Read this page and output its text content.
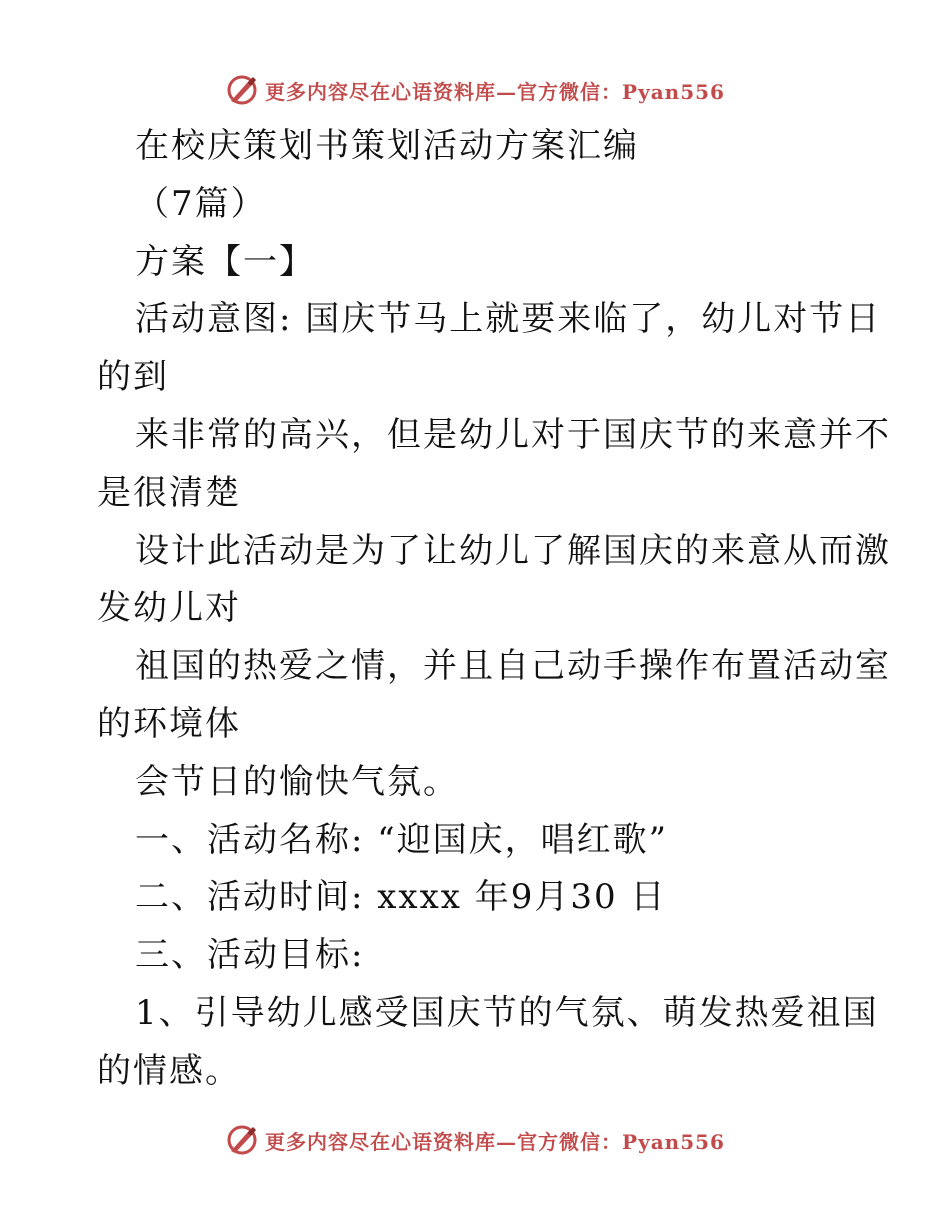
更多内容尽在心语资料库—官方微信：Pyan556
在校庆策划书策划活动方案汇编
（7篇）
方案【一】
活动意图: 国庆节马上就要来临了，幼儿对节日
的到
来非常的高兴，但是幼儿对于国庆节的来意并不
是很清楚
设计此活动是为了让幼儿了解国庆的来意从而激
发幼儿对
祖国的热爱之情，并且自己动手操作布置活动室
的环境体
会节日的愉快气氛。
一、活动名称: “迎国庆，唱红歌”
二、活动时间: xxxx 年9月30 日
三、活动目标:
1、引导幼儿感受国庆节的气氛、萌发热爱祖国
的情感。
更多内容尽在心语资料库—官方微信：Pyan556
